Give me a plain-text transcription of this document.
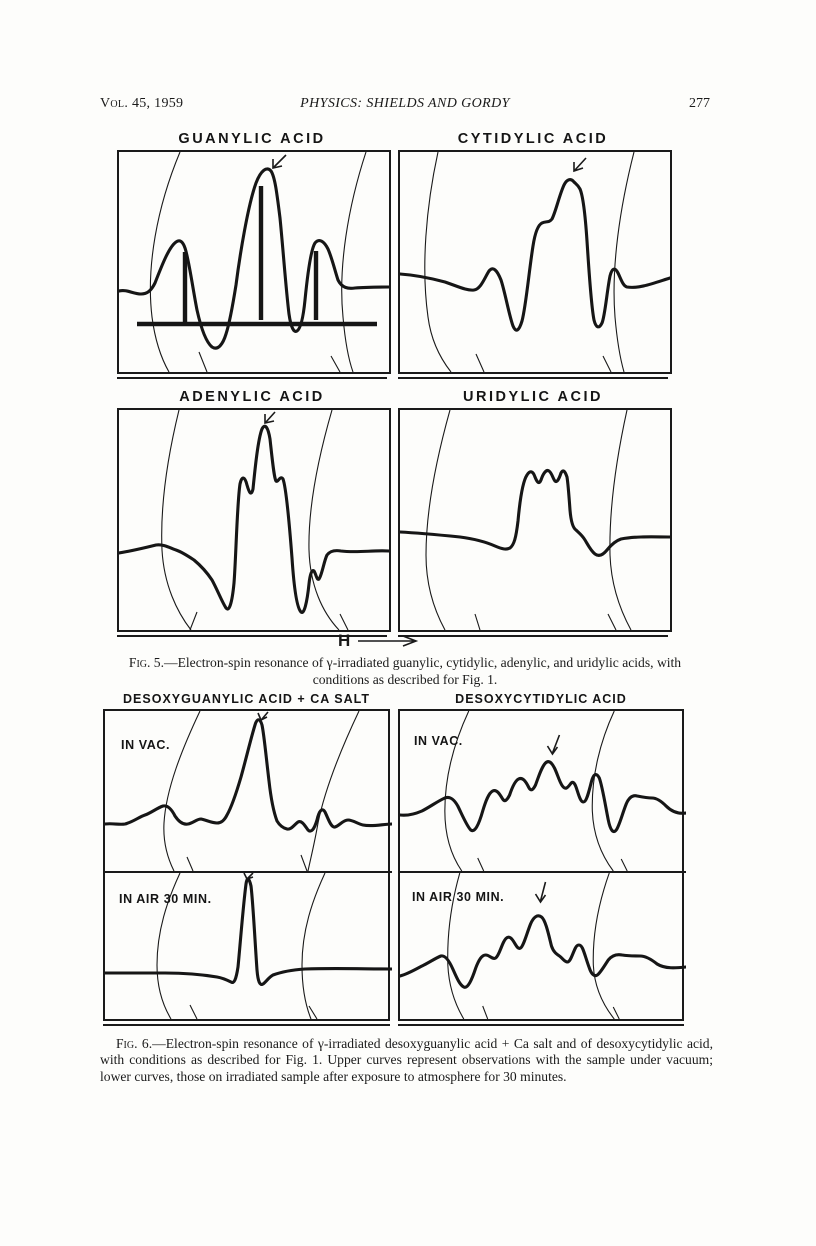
Vol. 45, 1959	PHYSICS: SHIELDS AND GORDY	277
GUANYLIC ACID	CYTIDYLIC ACID
ADENYLIC ACID	URIDYLIC ACID
H
Fig. 5.—Electron-spin resonance of γ-irradiated guanylic, cytidylic, adenylic, and uridylic acids, with conditions as described for Fig. 1.
DESOXYGUANYLIC ACID + CA SALT
IN VAC.
IN AIR 30 MIN.
DESOXYCYTIDYLIC ACID
IN VAC.
IN AIR 30 MIN.
Fig. 6.—Electron-spin resonance of γ-irradiated desoxyguanylic acid + Ca salt and of desoxycytidylic acid, with conditions as described for Fig. 1. Upper curves represent observations with the sample under vacuum; lower curves, those on irradiated sample after exposure to atmosphere for 30 minutes.
